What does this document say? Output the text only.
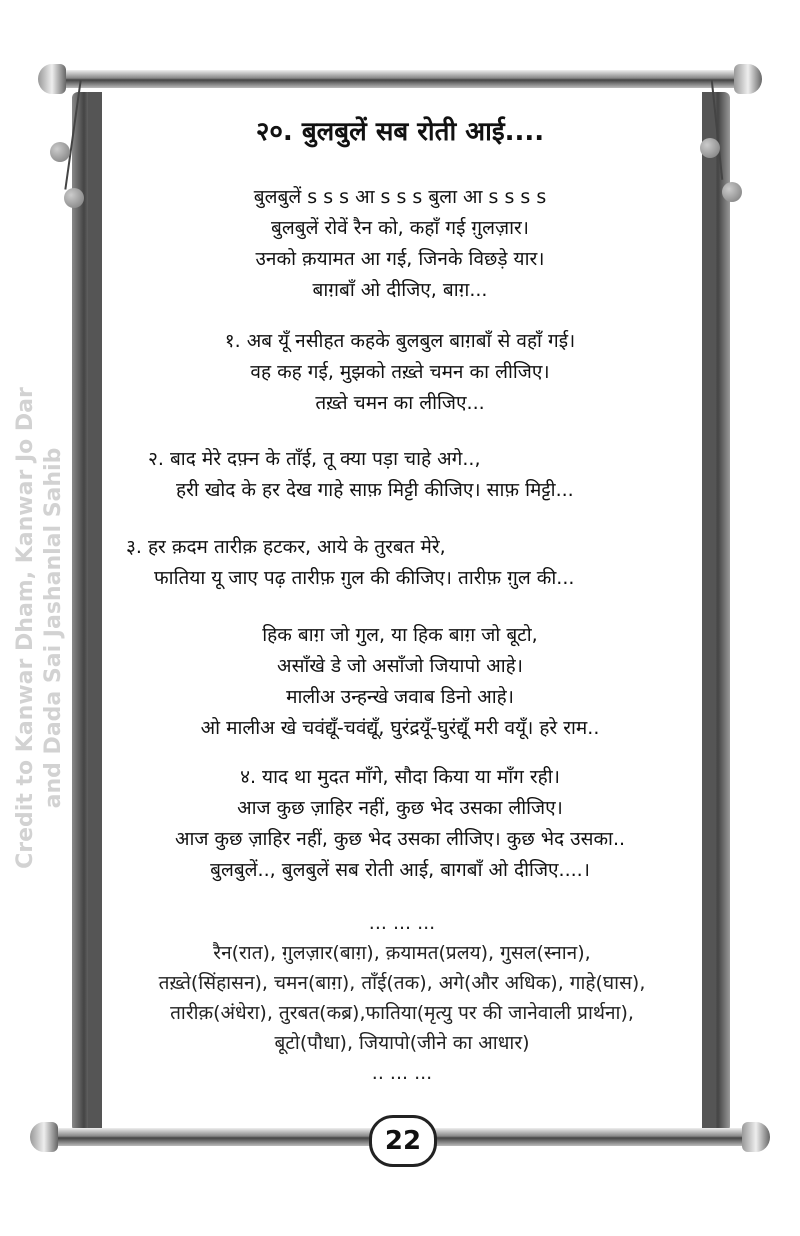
Credit to Kanwar Dham, Kanwar Jo Dar and Dada Sai Jashanlal Sahib
२०. बुलबुलें सब रोती आई....
बुलबुलें s s s आ s s s बुला आ s s s s
बुलबुलें रोवें रैन को, कहाँ गई ग़ुलज़ार।
उनको क़यामत आ गई, जिनके विछड़े यार।
बाग़बाँ ओ दीजिए, बाग़...
१. अब यूँ नसीहत कहके बुलबुल बाग़बाँ से वहाँ गई।
वह कह गई, मुझको तख़्ते चमन का लीजिए।
तख़्ते चमन का लीजिए...
२. बाद मेरे दफ़्न के ताँई, तू क्या पड़ा चाहे अगे..,
हरी खोद के हर देख गाहे साफ़ मिट्टी कीजिए। साफ़ मिट्टी...
३. हर क़दम तारीक़ हटकर, आये के तुरबत मेरे,
फातिया यू जाए पढ़ तारीफ़ ग़ुल की कीजिए। तारीफ़ ग़ुल की...
हिक बाग़ जो गुल, या हिक बाग़ जो बूटो,
असाँखे डे जो असाँजो जियापो आहे।
मालीअ उन्हन्खे जवाब डिनो आहे।
ओ मालीअ खे चवंद्यूँ-चवंद्यूँ, घुरंद्रयूँ-घुरंद्यूँ मरी वयूँ। हरे राम..
४. याद था मुदत माँगे, सौदा किया या माँग रही।
आज कुछ ज़ाहिर नहीं, कुछ भेद उसका लीजिए।
आज कुछ ज़ाहिर नहीं, कुछ भेद उसका लीजिए। कुछ भेद उसका..
बुलबुलें.., बुलबुलें सब रोती आई, बागबाँ ओ दीजिए....।
... ... ...
रैन(रात), ग़ुलज़ार(बाग़), क़यामत(प्रलय), गुसल(स्नान),
तख़्ते(सिंहासन), चमन(बाग़), ताँई(तक), अगे(और अधिक), गाहे(घास),
तारीक़(अंधेरा), तुरबत(कब्र),फातिया(मृत्यु पर की जानेवाली प्रार्थना),
बूटो(पौधा), जियापो(जीने का आधार)
.. ... ...
22
